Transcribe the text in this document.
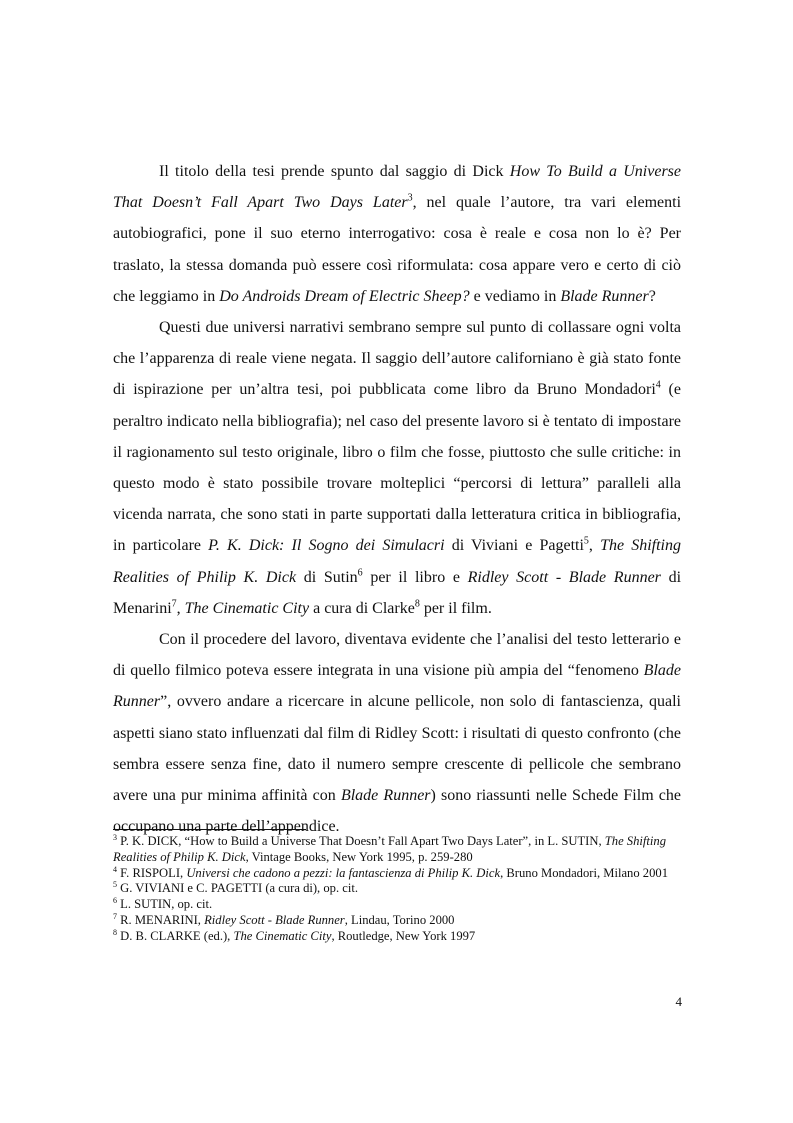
Il titolo della tesi prende spunto dal saggio di Dick How To Build a Universe That Doesn’t Fall Apart Two Days Later$^3$, nel quale l’autore, tra vari elementi autobiografici, pone il suo eterno interrogativo: cosa è reale e cosa non lo è? Per traslato, la stessa domanda può essere così riformulata: cosa appare vero e certo di ciò che leggiamo in Do Androids Dream of Electric Sheep? e vediamo in Blade Runner?

Questi due universi narrativi sembrano sempre sul punto di collassare ogni volta che l’apparenza di reale viene negata. Il saggio dell’autore californiano è già stato fonte di ispirazione per un’altra tesi, poi pubblicata come libro da Bruno Mondadori$^4$ (e peraltro indicato nella bibliografia); nel caso del presente lavoro si è tentato di impostare il ragionamento sul testo originale, libro o film che fosse, piuttosto che sulle critiche: in questo modo è stato possibile trovare molteplici “percorsi di lettura” paralleli alla vicenda narrata, che sono stati in parte supportati dalla letteratura critica in bibliografia, in particolare P. K. Dick: Il Sogno dei Simulacri di Viviani e Pagetti$^5$, The Shifting Realities of Philip K. Dick di Sutin$^6$ per il libro e Ridley Scott - Blade Runner di Menarini$^7$, The Cinematic City a cura di Clarke$^8$ per il film.

Con il procedere del lavoro, diventava evidente che l’analisi del testo letterario e di quello filmico poteva essere integrata in una visione più ampia del “fenomeno Blade Runner”, ovvero andare a ricercare in alcune pellicole, non solo di fantascienza, quali aspetti siano stato influenzati dal film di Ridley Scott: i risultati di questo confronto (che sembra essere senza fine, dato il numero sempre crescente di pellicole che sembrano avere una pur minima affinità con Blade Runner) sono riassunti nelle Schede Film che occupano una parte dell’appendice.

$^3$ P. K. DICK, “How to Build a Universe That Doesn’t Fall Apart Two Days Later”, in L. SUTIN, The Shifting Realities of Philip K. Dick, Vintage Books, New York 1995, p. 259-280
$^4$ F. RISPOLI, Universi che cadono a pezzi: la fantascienza di Philip K. Dick, Bruno Mondadori, Milano 2001
$^5$ G. VIVIANI e C. PAGETTI (a cura di), op. cit.
$^6$ L. SUTIN, op. cit.
$^7$ R. MENARINI, Ridley Scott - Blade Runner, Lindau, Torino 2000
$^8$ D. B. CLARKE (ed.), The Cinematic City, Routledge, New York 1997
4
